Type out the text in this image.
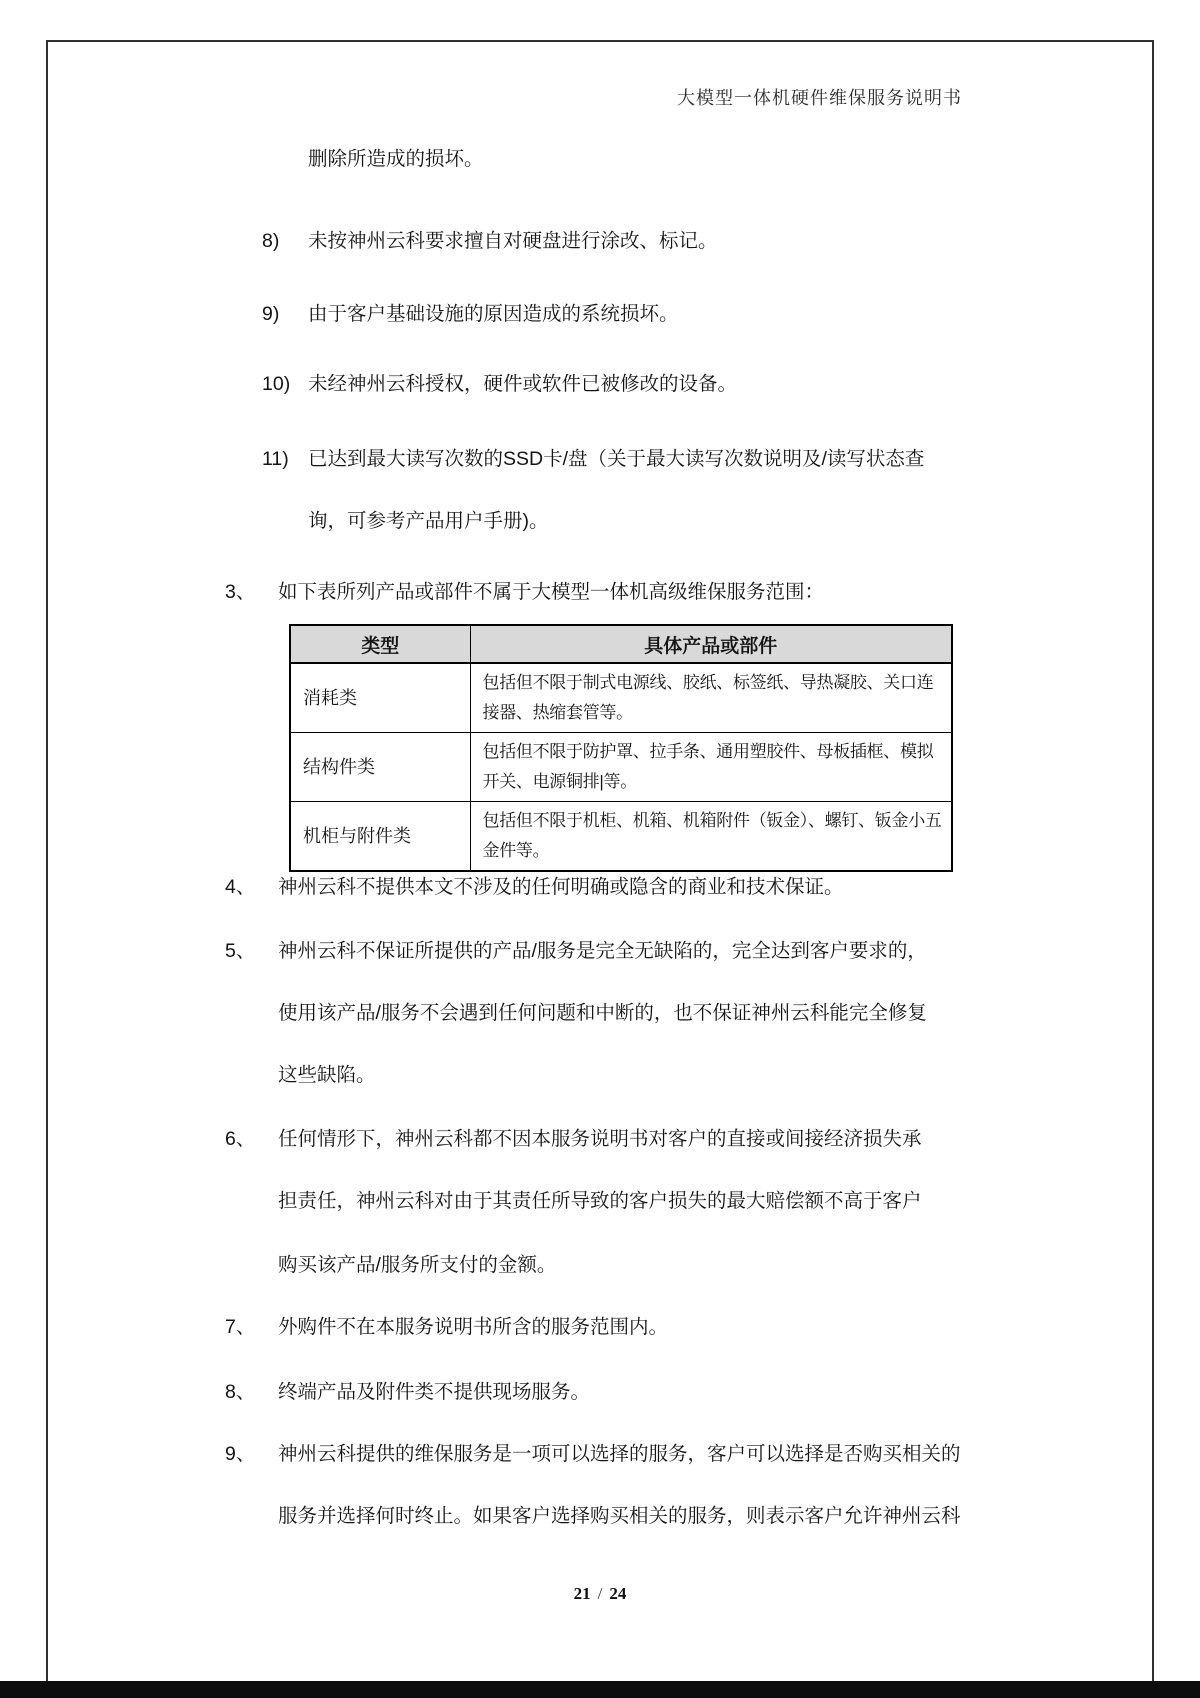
大模型一体机硬件维保服务说明书
删除所造成的损坏。
8) 未按神州云科要求擅自对硬盘进行涂改、标记。
9) 由于客户基础设施的原因造成的系统损坏。
10) 未经神州云科授权，硬件或软件已被修改的设备。
11) 已达到最大读写次数的SSD卡/盘（关于最大读写次数说明及/读写状态查
询，可参考产品用户手册)。
3、 如下表所列产品或部件不属于大模型一体机高级维保服务范围：
类型	具体产品或部件
消耗类	包括但不限于制式电源线、胶纸、标签纸、导热凝胶、关口连接器、热缩套管等。
结构件类	包括但不限于防护罩、拉手条、通用塑胶件、母板插框、模拟开关、电源铜排|等。
机柜与附件类	包括但不限于机柜、机箱、机箱附件（钣金）、螺钉、钣金小五金件等。
4、 神州云科不提供本文不涉及的任何明确或隐含的商业和技术保证。
5、 神州云科不保证所提供的产品/服务是完全无缺陷的，完全达到客户要求的，
使用该产品/服务不会遇到任何问题和中断的，也不保证神州云科能完全修复
这些缺陷。
6、 任何情形下，神州云科都不因本服务说明书对客户的直接或间接经济损失承
担责任，神州云科对由于其责任所导致的客户损失的最大赔偿额不高于客户
购买该产品/服务所支付的金额。
7、 外购件不在本服务说明书所含的服务范围内。
8、 终端产品及附件类不提供现场服务。
9、 神州云科提供的维保服务是一项可以选择的服务，客户可以选择是否购买相关的
服务并选择何时终止。如果客户选择购买相关的服务，则表示客户允许神州云科
21 / 24
